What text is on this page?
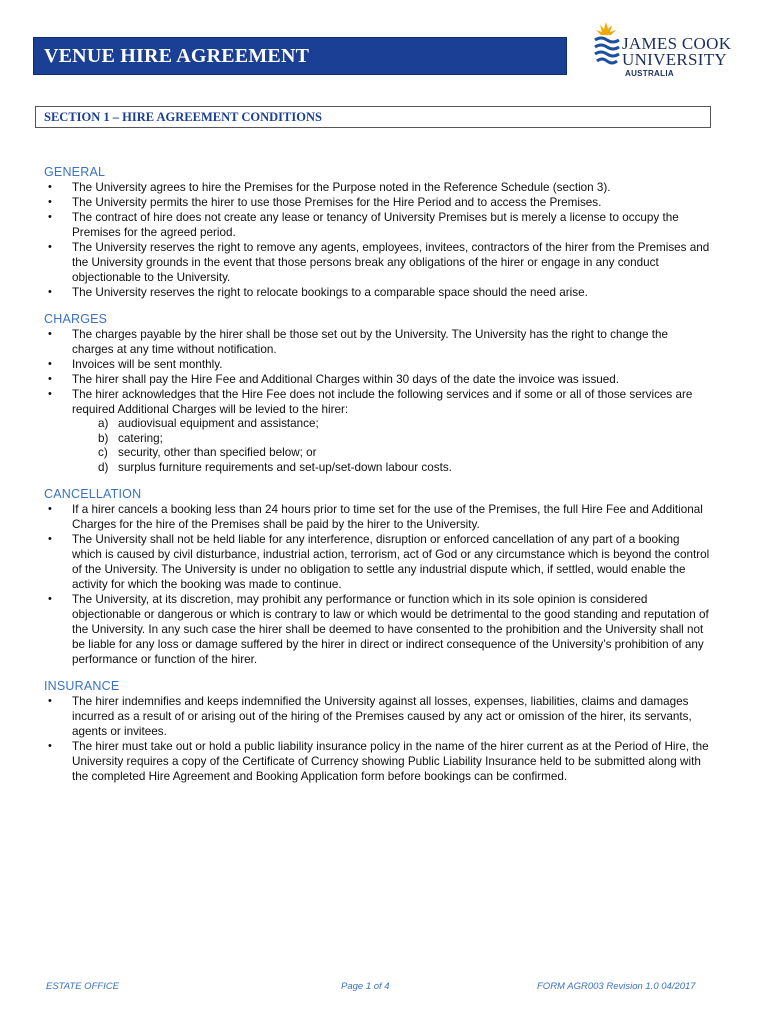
VENUE HIRE AGREEMENT
JAMES COOK
UNIVERSITY
AUSTRALIA
SECTION 1 – HIRE AGREEMENT CONDITIONS
GENERAL
• The University agrees to hire the Premises for the Purpose noted in the Reference Schedule (section 3).
• The University permits the hirer to use those Premises for the Hire Period and to access the Premises.
• The contract of hire does not create any lease or tenancy of University Premises but is merely a license to occupy the Premises for the agreed period.
• The University reserves the right to remove any agents, employees, invitees, contractors of the hirer from the Premises and the University grounds in the event that those persons break any obligations of the hirer or engage in any conduct objectionable to the University.
• The University reserves the right to relocate bookings to a comparable space should the need arise.
CHARGES
• The charges payable by the hirer shall be those set out by the University. The University has the right to change the charges at any time without notification.
• Invoices will be sent monthly.
• The hirer shall pay the Hire Fee and Additional Charges within 30 days of the date the invoice was issued.
• The hirer acknowledges that the Hire Fee does not include the following services and if some or all of those services are required Additional Charges will be levied to the hirer:
a) audiovisual equipment and assistance;
b) catering;
c) security, other than specified below; or
d) surplus furniture requirements and set-up/set-down labour costs.
CANCELLATION
• If a hirer cancels a booking less than 24 hours prior to time set for the use of the Premises, the full Hire Fee and Additional Charges for the hire of the Premises shall be paid by the hirer to the University.
• The University shall not be held liable for any interference, disruption or enforced cancellation of any part of a booking which is caused by civil disturbance, industrial action, terrorism, act of God or any circumstance which is beyond the control of the University. The University is under no obligation to settle any industrial dispute which, if settled, would enable the activity for which the booking was made to continue.
• The University, at its discretion, may prohibit any performance or function which in its sole opinion is considered objectionable or dangerous or which is contrary to law or which would be detrimental to the good standing and reputation of the University. In any such case the hirer shall be deemed to have consented to the prohibition and the University shall not be liable for any loss or damage suffered by the hirer in direct or indirect consequence of the University’s prohibition of any performance or function of the hirer.
INSURANCE
• The hirer indemnifies and keeps indemnified the University against all losses, expenses, liabilities, claims and damages incurred as a result of or arising out of the hiring of the Premises caused by any act or omission of the hirer, its servants, agents or invitees.
• The hirer must take out or hold a public liability insurance policy in the name of the hirer current as at the Period of Hire, the University requires a copy of the Certificate of Currency showing Public Liability Insurance held to be submitted along with the completed Hire Agreement and Booking Application form before bookings can be confirmed.
ESTATE OFFICE	Page 1 of 4	FORM AGR003 Revision 1.0 04/2017
